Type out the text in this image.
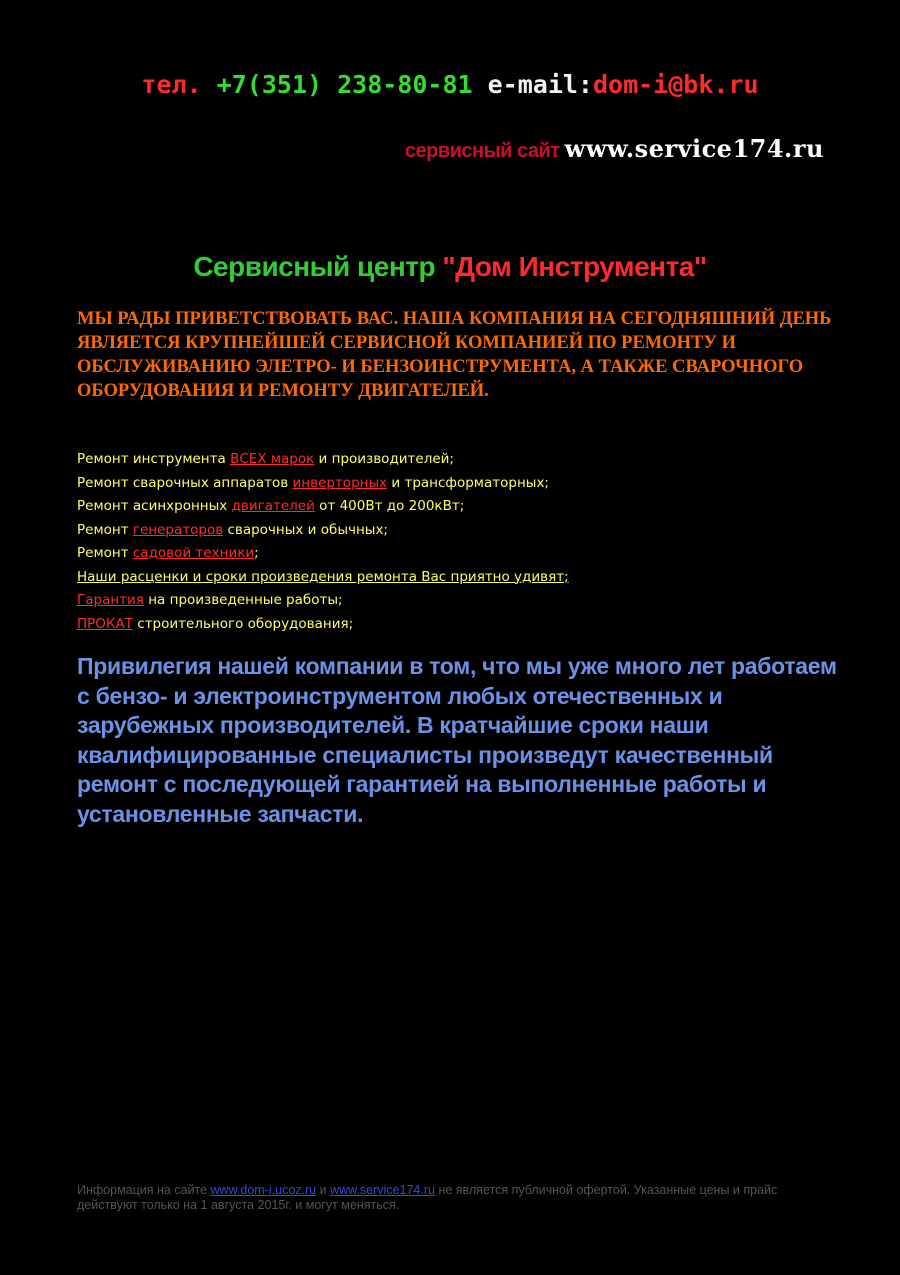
тел. +7(351) 238-80-81 e-mail:dom-i@bk.ru
сервисный сайт www.service174.ru
Сервисный центр "Дом Инструмента"
МЫ РАДЫ ПРИВЕТСТВОВАТЬ ВАС. НАША КОМПАНИЯ НА СЕГОДНЯШНИЙ ДЕНЬ ЯВЛЯЕТСЯ КРУПНЕЙШЕЙ СЕРВИСНОЙ КОМПАНИЕЙ ПО РЕМОНТУ И ОБСЛУЖИВАНИЮ ЭЛЕТРО- И БЕНЗОИНСТРУМЕНТА, А ТАКЖЕ СВАРОЧНОГО ОБОРУДОВАНИЯ И РЕМОНТУ ДВИГАТЕЛЕЙ.
Ремонт инструмента ВСЕХ марок и производителей;
Ремонт сварочных аппаратов инверторных и трансформаторных;
Ремонт асинхронных двигателей от 400Вт до 200кВт;
Ремонт генераторов сварочных и обычных;
Ремонт садовой техники;
Наши расценки и сроки произведения ремонта Вас приятно удивят;
Гарантия на произведенные работы;
ПРОКАТ строительного оборудования;
Привилегия нашей компании в том, что мы уже много лет работаем с бензо- и электроинструментом любых отечественных и зарубежных производителей. В кратчайшие сроки наши квалифицированные специалисты произведут качественный ремонт с последующей гарантией на выполненные работы и установленные запчасти.
Информация на сайте www.dom-i.ucoz.ru и www.service174.ru не является публичной офертой. Указанные цены и прайс действуют только на 1 августа 2015г. и могут меняться.
